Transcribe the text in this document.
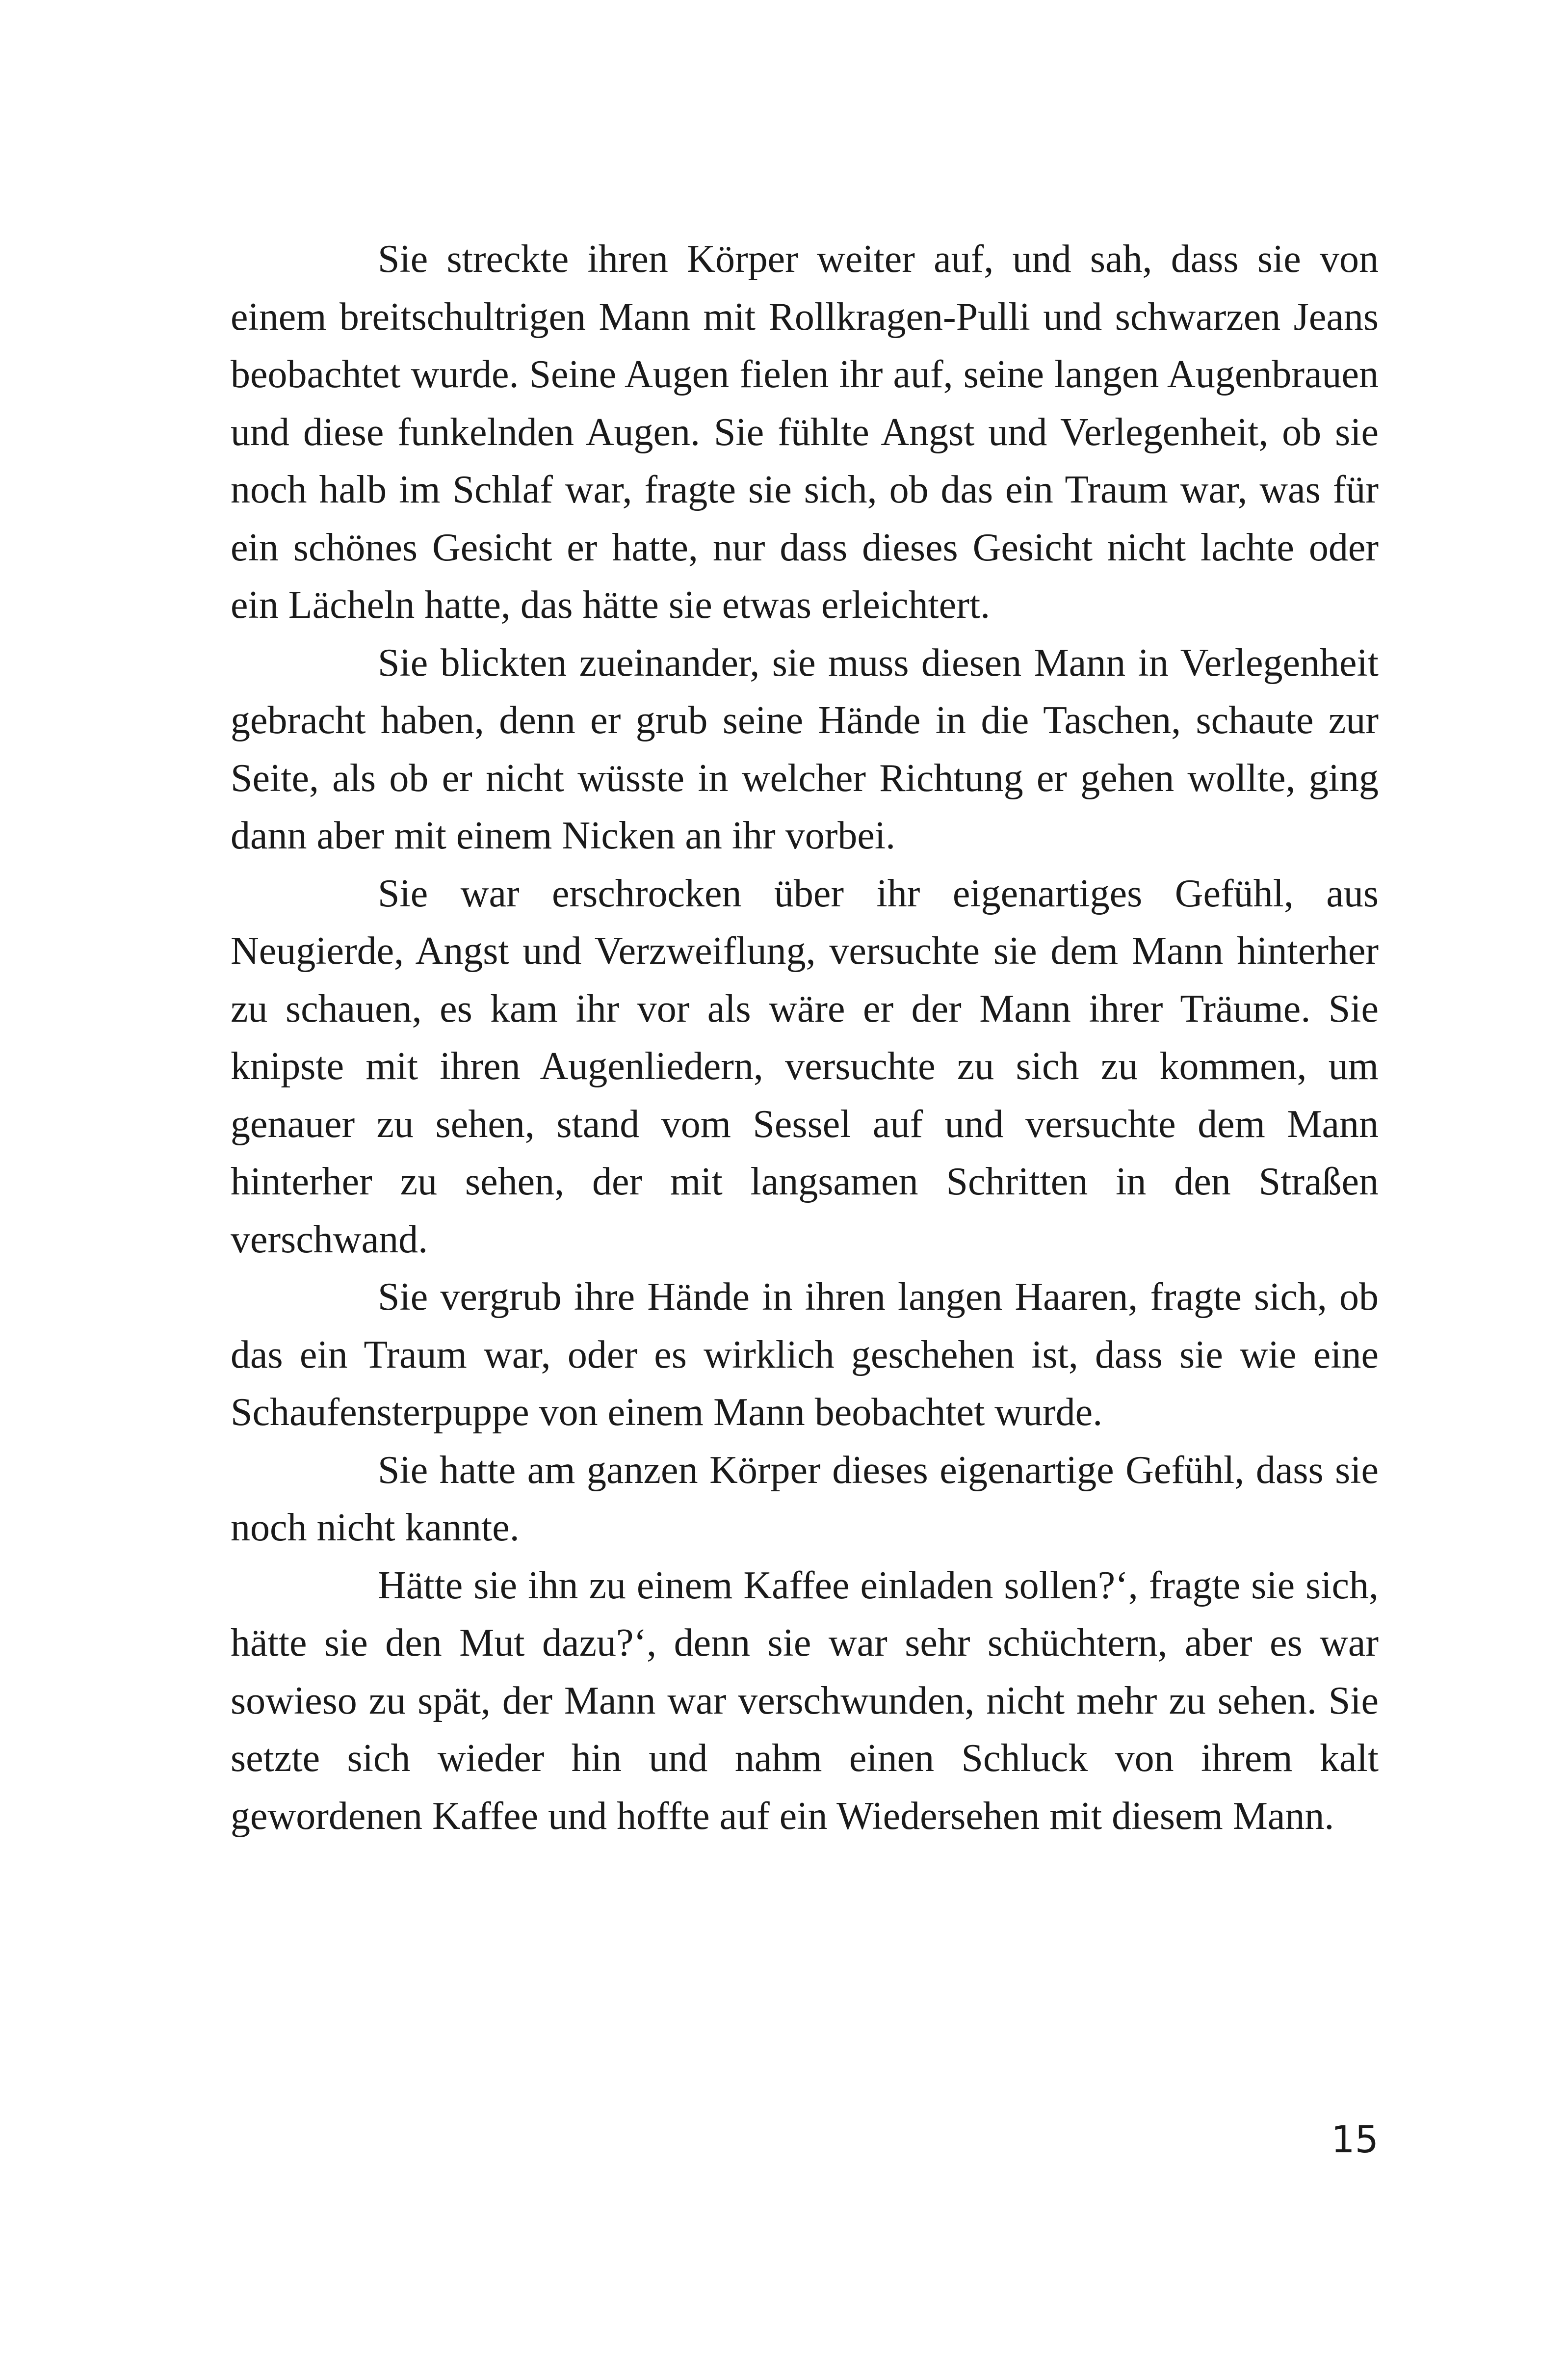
Sie streckte ihren Körper weiter auf, und sah, dass sie von einem breitschultrigen Mann mit Rollkragen-Pulli und schwarzen Jeans beobachtet wurde. Seine Augen fielen ihr auf, seine langen Augenbrauen und diese funkelnden Augen. Sie fühlte Angst und Verlegenheit, ob sie noch halb im Schlaf war, fragte sie sich, ob das ein Traum war, was für ein schönes Gesicht er hatte, nur dass dieses Gesicht nicht lachte oder ein Lächeln hatte, das hätte sie etwas erleichtert.

Sie blickten zueinander, sie muss diesen Mann in Verlegenheit gebracht haben, denn er grub seine Hände in die Taschen, schaute zur Seite, als ob er nicht wüsste in welcher Richtung er gehen wollte, ging dann aber mit einem Nicken an ihr vorbei.

Sie war erschrocken über ihr eigenartiges Gefühl, aus Neugierde, Angst und Verzweiflung, versuchte sie dem Mann hinterher zu schauen, es kam ihr vor als wäre er der Mann ihrer Träume. Sie knipste mit ihren Augenliedern, versuchte zu sich zu kommen, um genauer zu sehen, stand vom Sessel auf und versuchte dem Mann hinterher zu sehen, der mit langsamen Schritten in den Straßen verschwand.

Sie vergrub ihre Hände in ihren langen Haaren, fragte sich, ob das ein Traum war, oder es wirklich geschehen ist, dass sie wie eine Schaufensterpuppe von einem Mann beobachtet wurde.

Sie hatte am ganzen Körper dieses eigenartige Gefühl, dass sie noch nicht kannte.

Hätte sie ihn zu einem Kaffee einladen sollen?‘, fragte sie sich, hätte sie den Mut dazu?‘, denn sie war sehr schüchtern, aber es war sowieso zu spät, der Mann war verschwunden, nicht mehr zu sehen. Sie setzte sich wieder hin und nahm einen Schluck von ihrem kalt gewordenen Kaffee und hoffte auf ein Wiedersehen mit diesem Mann.

15
